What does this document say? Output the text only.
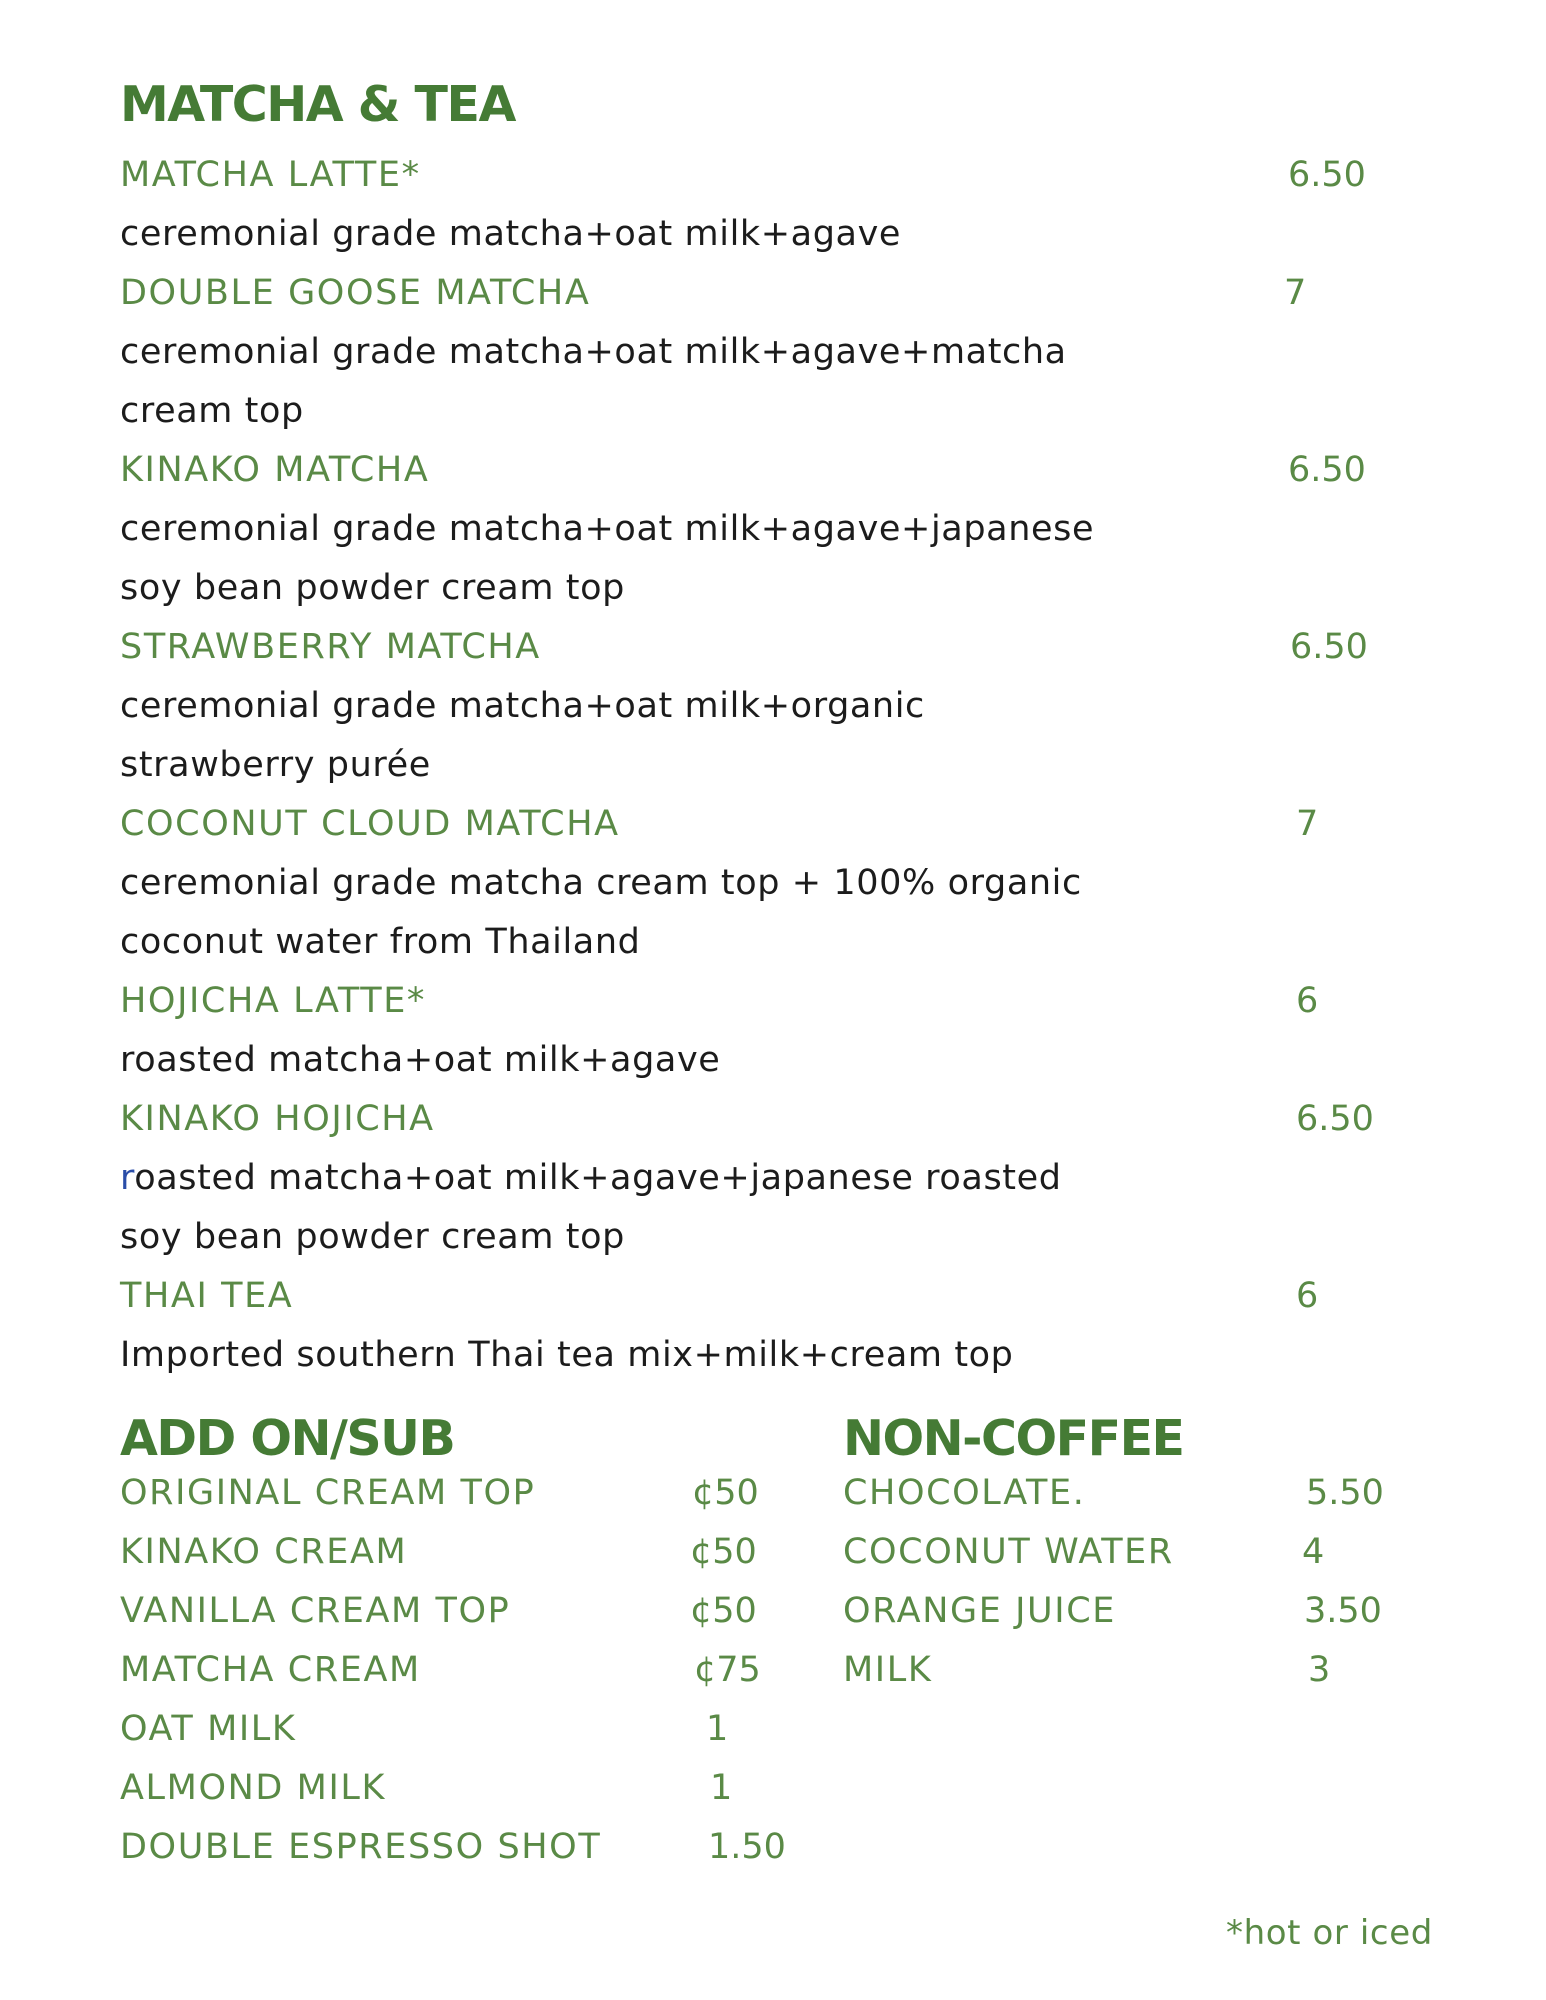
MATCHA & TEA
MATCHA LATTE*	6.50
ceremonial grade matcha+oat milk+agave
DOUBLE GOOSE MATCHA	7
ceremonial grade matcha+oat milk+agave+matcha
cream top
KINAKO MATCHA	6.50
ceremonial grade matcha+oat milk+agave+japanese
soy bean powder cream top
STRAWBERRY MATCHA	6.50
ceremonial grade matcha+oat milk+organic
strawberry purée
COCONUT CLOUD MATCHA	7
ceremonial grade matcha cream top + 100% organic
coconut water from Thailand
HOJICHA LATTE*	6
roasted matcha+oat milk+agave
KINAKO HOJICHA	6.50
roasted matcha+oat milk+agave+japanese roasted
soy bean powder cream top
THAI TEA	6
Imported southern Thai tea mix+milk+cream top
ADD ON/SUB
ORIGINAL CREAM TOP	¢50
KINAKO CREAM	¢50
VANILLA CREAM TOP	¢50
MATCHA CREAM	¢75
OAT MILK	1
ALMOND MILK	1
DOUBLE ESPRESSO SHOT	1.50
NON-COFFEE
CHOCOLATE.	5.50
COCONUT WATER	4
ORANGE JUICE	3.50
MILK	3
*hot or iced
